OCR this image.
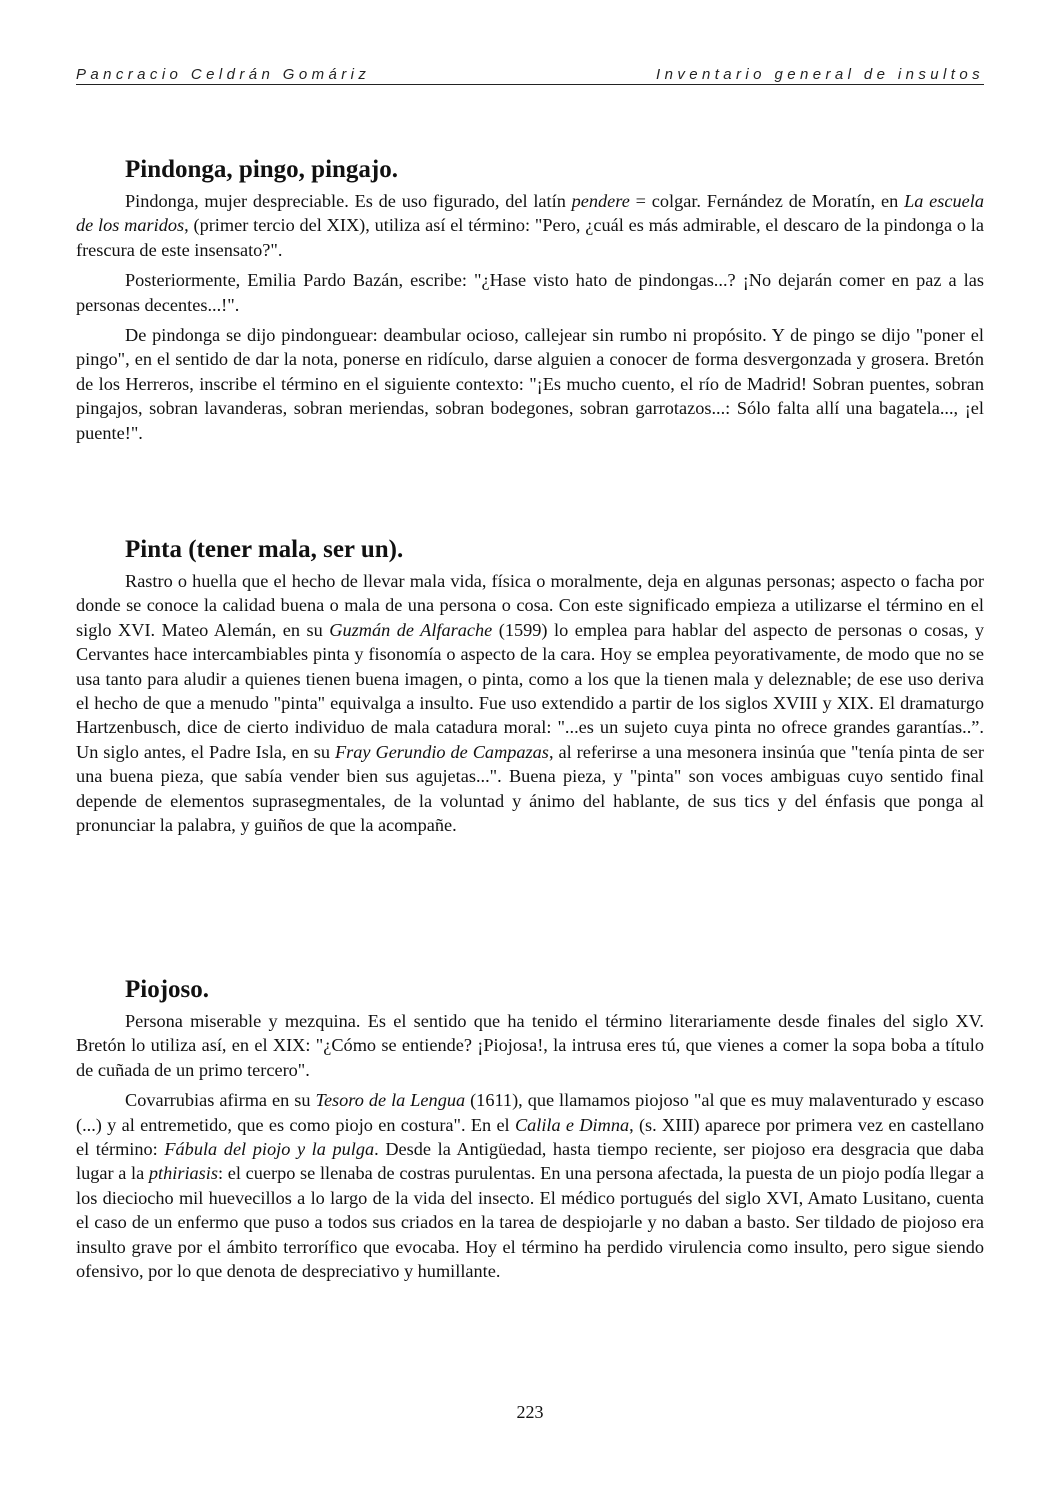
Pancracio Celdrán Gomáriz	Inventario general de insultos
Pindonga, pingo, pingajo.

Pindonga, mujer despreciable. Es de uso figurado, del latín pendere = colgar. Fernández de Moratín, en La escuela de los maridos, (primer tercio del XIX), utiliza así el término: "Pero, ¿cuál es más admirable, el descaro de la pindonga o la frescura de este insensato?".

Posteriormente, Emilia Pardo Bazán, escribe: "¿Hase visto hato de pindongas...? ¡No dejarán comer en paz a las personas decentes...!".

De pindonga se dijo pindonguear: deambular ocioso, callejear sin rumbo ni propósito. Y de pingo se dijo "poner el pingo", en el sentido de dar la nota, ponerse en ridículo, darse alguien a conocer de forma desvergonzada y grosera. Bretón de los Herreros, inscribe el término en el siguiente contexto: "¡Es mucho cuento, el río de Madrid! Sobran puentes, sobran pingajos, sobran lavanderas, sobran meriendas, sobran bodegones, sobran garrotazos...: Sólo falta allí una bagatela..., ¡el puente!".

Pinta (tener mala, ser un).

Rastro o huella que el hecho de llevar mala vida, física o moralmente, deja en algunas personas; aspecto o facha por donde se conoce la calidad buena o mala de una persona o cosa. Con este significado empieza a utilizarse el término en el siglo XVI. Mateo Alemán, en su Guzmán de Alfarache (1599) lo emplea para hablar del aspecto de personas o cosas, y Cervantes hace intercambiables pinta y fisonomía o aspecto de la cara. Hoy se emplea peyorativamente, de modo que no se usa tanto para aludir a quienes tienen buena imagen, o pinta, como a los que la tienen mala y deleznable; de ese uso deriva el hecho de que a menudo "pinta" equivalga a insulto. Fue uso extendido a partir de los siglos XVIII y XIX. El dramaturgo Hartzenbusch, dice de cierto individuo de mala catadura moral: "...es un sujeto cuya pinta no ofrece grandes garantías..”. Un siglo antes, el Padre Isla, en su Fray Gerundio de Campazas, al referirse a una mesonera insinúa que "tenía pinta de ser una buena pieza, que sabía vender bien sus agujetas...". Buena pieza, y "pinta" son voces ambiguas cuyo sentido final depende de elementos suprasegmentales, de la voluntad y ánimo del hablante, de sus tics y del énfasis que ponga al pronunciar la palabra, y guiños de que la acompañe.

Piojoso.

Persona miserable y mezquina. Es el sentido que ha tenido el término literariamente desde finales del siglo XV. Bretón lo utiliza así, en el XIX: "¿Cómo se entiende? ¡Piojosa!, la intrusa eres tú, que vienes a comer la sopa boba a título de cuñada de un primo tercero".

Covarrubias afirma en su Tesoro de la Lengua (1611), que llamamos piojoso "al que es muy malaventurado y escaso (...) y al entremetido, que es como piojo en costura". En el Calila e Dimna, (s. XIII) aparece por primera vez en castellano el término: Fábula del piojo y la pulga. Desde la Antigüedad, hasta tiempo reciente, ser piojoso era desgracia que daba lugar a la pthiriasis: el cuerpo se llenaba de costras purulentas. En una persona afectada, la puesta de un piojo podía llegar a los dieciocho mil huevecillos a lo largo de la vida del insecto. El médico portugués del siglo XVI, Amato Lusitano, cuenta el caso de un enfermo que puso a todos sus criados en la tarea de despiojarle y no daban a basto. Ser tildado de piojoso era insulto grave por el ámbito terrorífico que evocaba. Hoy el término ha perdido virulencia como insulto, pero sigue siendo ofensivo, por lo que denota de despreciativo y humillante.

223
